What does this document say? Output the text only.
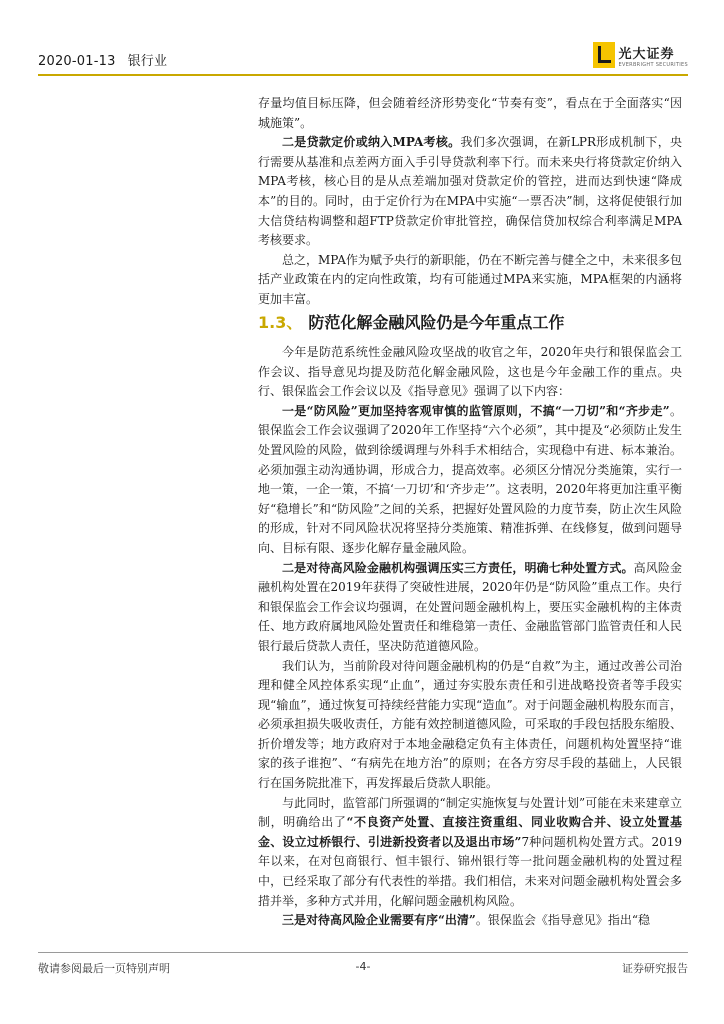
2020-01-13 银行业	光大证券
EVERBRIGHT SECURITIES

存量均值目标压降，但会随着经济形势变化“节奏有变”，看点在于全面落实“因城施策”。

二是贷款定价或纳入MPA考核。我们多次强调，在新LPR形成机制下，央行需要从基准和点差两方面入手引导贷款利率下行。而未来央行将贷款定价纳入MPA考核，核心目的是从点差端加强对贷款定价的管控，进而达到快速“降成本”的目的。同时，由于定价行为在MPA中实施“一票否决”制，这将促使银行加大信贷结构调整和超FTP贷款定价审批管控，确保信贷加权综合利率满足MPA考核要求。

总之，MPA作为赋予央行的新职能，仍在不断完善与健全之中，未来很多包括产业政策在内的定向性政策，均有可能通过MPA来实施，MPA框架的内涵将更加丰富。

1.3、 防范化解金融风险仍是今年重点工作

今年是防范系统性金融风险攻坚战的收官之年，2020年央行和银保监会工作会议、指导意见均提及防范化解金融风险，这也是今年金融工作的重点。央行、银保监会工作会议以及《指导意见》强调了以下内容：

一是“防风险”更加坚持客观审慎的监管原则，不搞“一刀切”和“齐步走”。银保监会工作会议强调了2020年工作坚持“六个必须”，其中提及“必须防止发生处置风险的风险，做到徐缓调理与外科手术相结合，实现稳中有进、标本兼治。必须加强主动沟通协调，形成合力，提高效率。必须区分情况分类施策，实行一地一策，一企一策，不搞‘一刀切’和‘齐步走’”。这表明，2020年将更加注重平衡好“稳增长”和“防风险”之间的关系，把握好处置风险的力度节奏，防止次生风险的形成，针对不同风险状况将坚持分类施策、精准拆弹、在线修复，做到问题导向、目标有限、逐步化解存量金融风险。

二是对待高风险金融机构强调压实三方责任，明确七种处置方式。高风险金融机构处置在2019年获得了突破性进展，2020年仍是“防风险”重点工作。央行和银保监会工作会议均强调，在处置问题金融机构上，要压实金融机构的主体责任、地方政府属地风险处置责任和维稳第一责任、金融监管部门监管责任和人民银行最后贷款人责任，坚决防范道德风险。

我们认为，当前阶段对待问题金融机构的仍是“自救”为主，通过改善公司治理和健全风控体系实现“止血”，通过夯实股东责任和引进战略投资者等手段实现“输血”，通过恢复可持续经营能力实现“造血”。对于问题金融机构股东而言，必须承担损失吸收责任，方能有效控制道德风险，可采取的手段包括股东缩股、折价增发等；地方政府对于本地金融稳定负有主体责任，问题机构处置坚持“谁家的孩子谁抱”、“有病先在地方治”的原则；在各方穷尽手段的基础上，人民银行在国务院批准下，再发挥最后贷款人职能。

与此同时，监管部门所强调的“制定实施恢复与处置计划”可能在未来建章立制，明确给出了“不良资产处置、直接注资重组、同业收购合并、设立处置基金、设立过桥银行、引进新投资者以及退出市场”7种问题机构处置方式。2019年以来，在对包商银行、恒丰银行、锦州银行等一批问题金融机构的处置过程中，已经采取了部分有代表性的举措。我们相信，未来对问题金融机构处置会多措并举，多种方式并用，化解问题金融机构风险。

三是对待高风险企业需要有序“出清”。银保监会《指导意见》指出“稳

敬请参阅最后一页特别声明	-4-	证券研究报告
